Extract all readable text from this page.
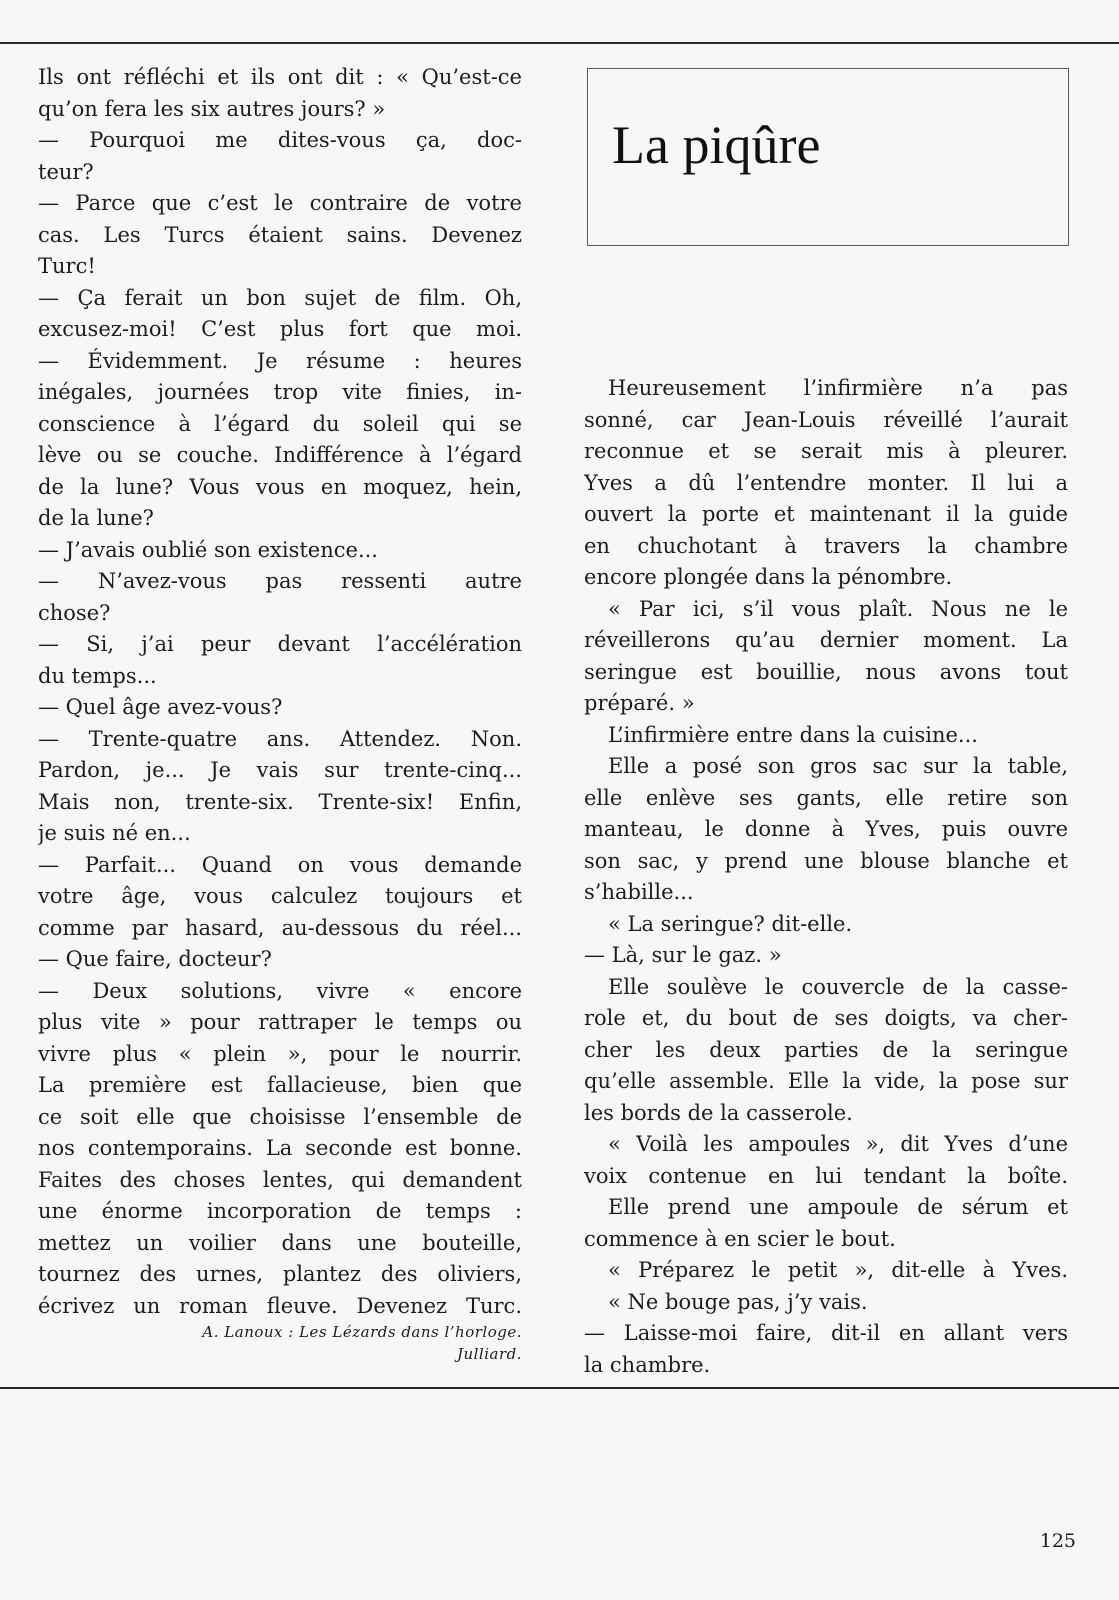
Ils ont réfléchi et ils ont dit : « Qu’est-ce
qu’on fera les six autres jours? »
— Pourquoi me dites-vous ça, doc-
teur?
— Parce que c’est le contraire de votre
cas. Les Turcs étaient sains. Devenez
Turc!
— Ça ferait un bon sujet de film. Oh,
excusez-moi! C’est plus fort que moi.
— Évidemment. Je résume : heures
inégales, journées trop vite finies, in-
conscience à l’égard du soleil qui se
lève ou se couche. Indifférence à l’égard
de la lune? Vous vous en moquez, hein,
de la lune?
— J’avais oublié son existence...
— N’avez-vous pas ressenti autre
chose?
— Si, j’ai peur devant l’accélération
du temps...
— Quel âge avez-vous?
— Trente-quatre ans. Attendez. Non.
Pardon, je... Je vais sur trente-cinq...
Mais non, trente-six. Trente-six! Enfin,
je suis né en...
— Parfait... Quand on vous demande
votre âge, vous calculez toujours et
comme par hasard, au-dessous du réel...
— Que faire, docteur?
— Deux solutions, vivre « encore
plus vite » pour rattraper le temps ou
vivre plus « plein », pour le nourrir.
La première est fallacieuse, bien que
ce soit elle que choisisse l’ensemble de
nos contemporains. La seconde est bonne.
Faites des choses lentes, qui demandent
une énorme incorporation de temps :
mettez un voilier dans une bouteille,
tournez des urnes, plantez des oliviers,
écrivez un roman fleuve. Devenez Turc.
A. Lanoux : Les Lézards dans l’horloge.
Julliard.
La piqûre
Heureusement l’infirmière n’a pas
sonné, car Jean-Louis réveillé l’aurait
reconnue et se serait mis à pleurer.
Yves a dû l’entendre monter. Il lui a
ouvert la porte et maintenant il la guide
en chuchotant à travers la chambre
encore plongée dans la pénombre.
« Par ici, s’il vous plaît. Nous ne le
réveillerons qu’au dernier moment. La
seringue est bouillie, nous avons tout
préparé. »
L’infirmière entre dans la cuisine...
Elle a posé son gros sac sur la table,
elle enlève ses gants, elle retire son
manteau, le donne à Yves, puis ouvre
son sac, y prend une blouse blanche et
s’habille...
« La seringue? dit-elle.
— Là, sur le gaz. »
Elle soulève le couvercle de la casse-
role et, du bout de ses doigts, va cher-
cher les deux parties de la seringue
qu’elle assemble. Elle la vide, la pose sur
les bords de la casserole.
« Voilà les ampoules », dit Yves d’une
voix contenue en lui tendant la boîte.
Elle prend une ampoule de sérum et
commence à en scier le bout.
« Préparez le petit », dit-elle à Yves.
« Ne bouge pas, j’y vais.
— Laisse-moi faire, dit-il en allant vers
la chambre.
125
